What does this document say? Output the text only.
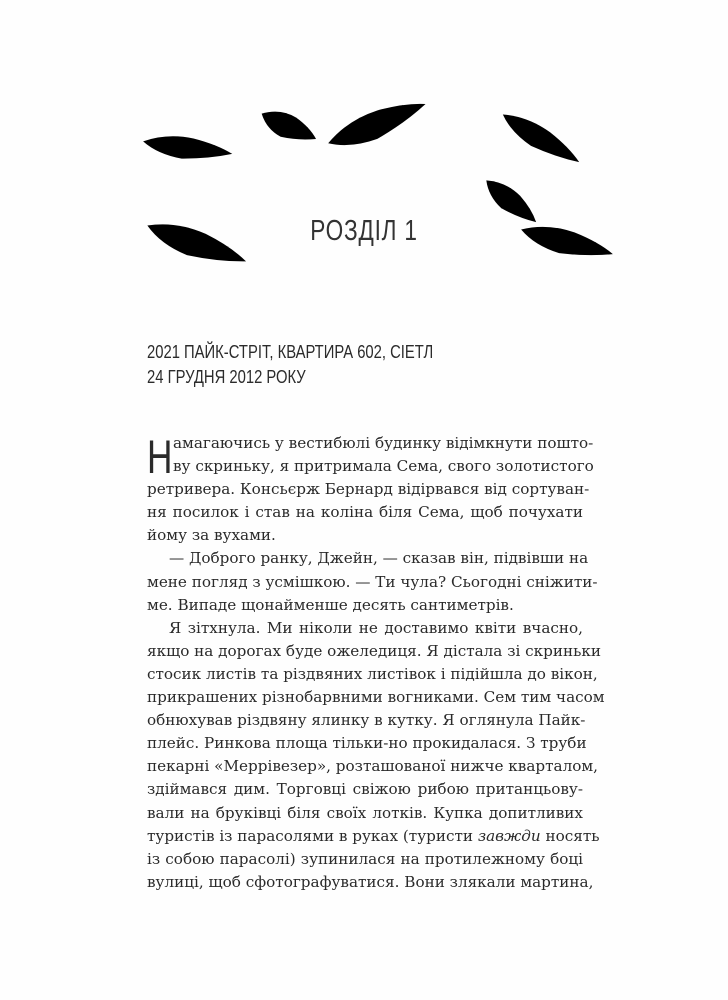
РОЗДІЛ 1
2021 ПАЙК-СТРІТ, КВАРТИРА 602, СІЕТЛ
24 ГРУДНЯ 2012 РОКУ
Н амагаючись у вестибюлі будинку відімкнути пошто-
ву скриньку, я притримала Сема, свого золотистого
ретривера. Консьєрж Бернард відірвався від сортуван-
ня посилок і став на коліна біля Сема, щоб почухати
йому за вухами.
— Доброго ранку, Джейн, — сказав він, підвівши на
мене погляд з усмішкою. — Ти чула? Сьогодні сніжити-
ме. Випаде щонайменше десять сантиметрів.
Я зітхнула. Ми ніколи не доставимо квіти вчасно,
якщо на дорогах буде ожеледиця. Я дістала зі скриньки
стосик листів та різдвяних листівок і підійшла до вікон,
прикрашених різнобарвними вогниками. Сем тим часом
обнюхував різдвяну ялинку в кутку. Я оглянула Пайк-
плейс. Ринкова площа тільки-но прокидалася. З труби
пекарні «Меррівезер», розташованої нижче кварталом,
здіймався дим. Торговці свіжою рибою пританцьову-
вали на бруківці біля своїх лотків. Купка допитливих
туристів із парасолями в руках (туристи завжди носять
із собою парасолі) зупинилася на протилежному боці
вулиці, щоб сфотографуватися. Вони злякали мартина,
